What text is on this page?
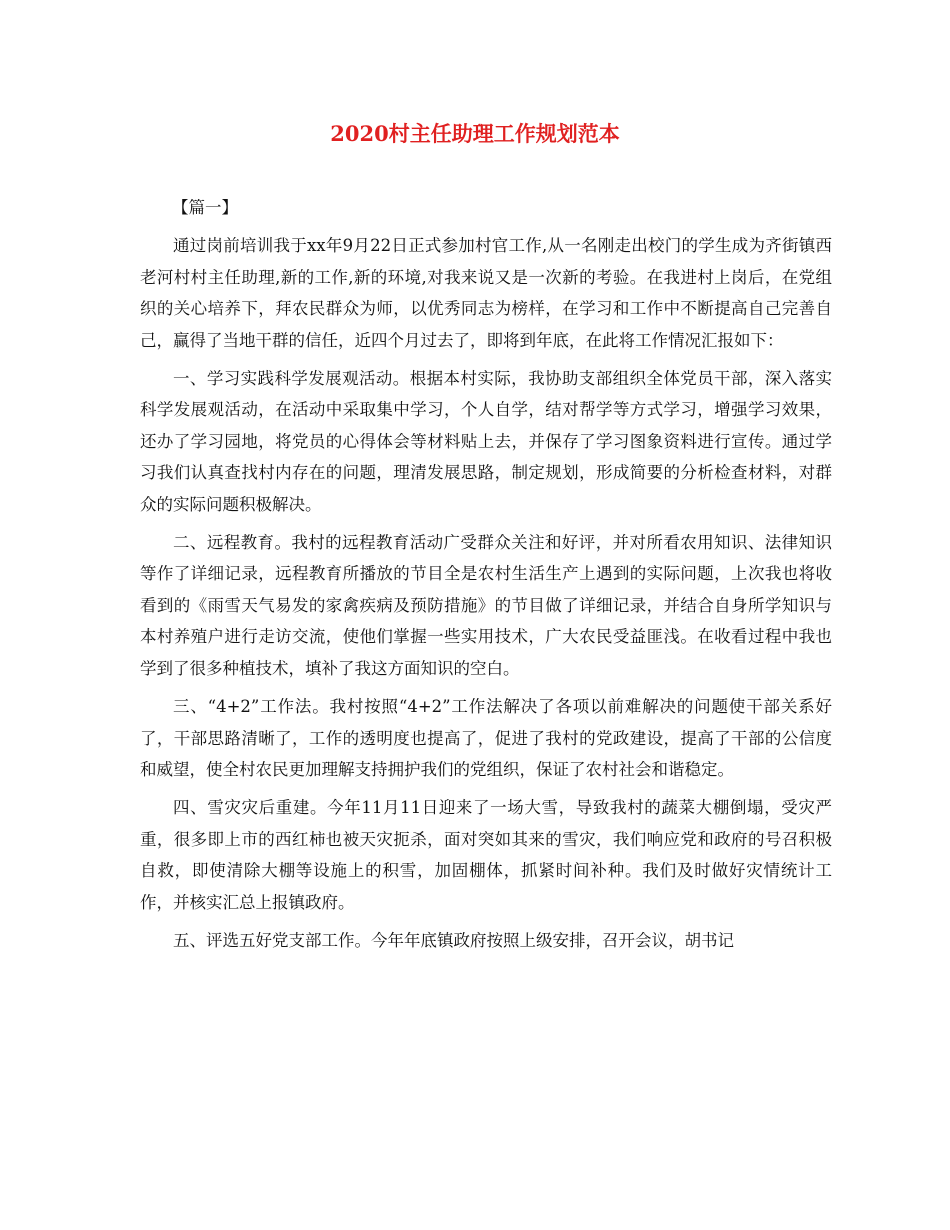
2020村主任助理工作规划范本

【篇一】

通过岗前培训我于xx年9月22日正式参加村官工作,从一名刚走出校门的学生成为齐街镇西老河村村主任助理,新的工作,新的环境,对我来说又是一次新的考验。在我进村上岗后，在党组织的关心培养下，拜农民群众为师，以优秀同志为榜样，在学习和工作中不断提高自己完善自己，赢得了当地干群的信任，近四个月过去了，即将到年底，在此将工作情况汇报如下：

一、学习实践科学发展观活动。根据本村实际，我协助支部组织全体党员干部，深入落实科学发展观活动，在活动中采取集中学习，个人自学，结对帮学等方式学习，增强学习效果，还办了学习园地，将党员的心得体会等材料贴上去，并保存了学习图象资料进行宣传。通过学习我们认真查找村内存在的问题，理清发展思路，制定规划，形成简要的分析检查材料，对群众的实际问题积极解决。

二、远程教育。我村的远程教育活动广受群众关注和好评，并对所看农用知识、法律知识等作了详细记录，远程教育所播放的节目全是农村生活生产上遇到的实际问题，上次我也将收看到的《雨雪天气易发的家禽疾病及预防措施》的节目做了详细记录，并结合自身所学知识与本村养殖户进行走访交流，使他们掌握一些实用技术，广大农民受益匪浅。在收看过程中我也学到了很多种植技术，填补了我这方面知识的空白。

三、“4+2”工作法。我村按照“4+2”工作法解决了各项以前难解决的问题使干部关系好了，干部思路清晰了，工作的透明度也提高了，促进了我村的党政建设，提高了干部的公信度和威望，使全村农民更加理解支持拥护我们的党组织，保证了农村社会和谐稳定。

四、雪灾灾后重建。今年11月11日迎来了一场大雪，导致我村的蔬菜大棚倒塌，受灾严重，很多即上市的西红柿也被天灾扼杀，面对突如其来的雪灾，我们响应党和政府的号召积极自救，即使清除大棚等设施上的积雪，加固棚体，抓紧时间补种。我们及时做好灾情统计工作，并核实汇总上报镇政府。

五、评选五好党支部工作。今年年底镇政府按照上级安排，召开会议，胡书记
